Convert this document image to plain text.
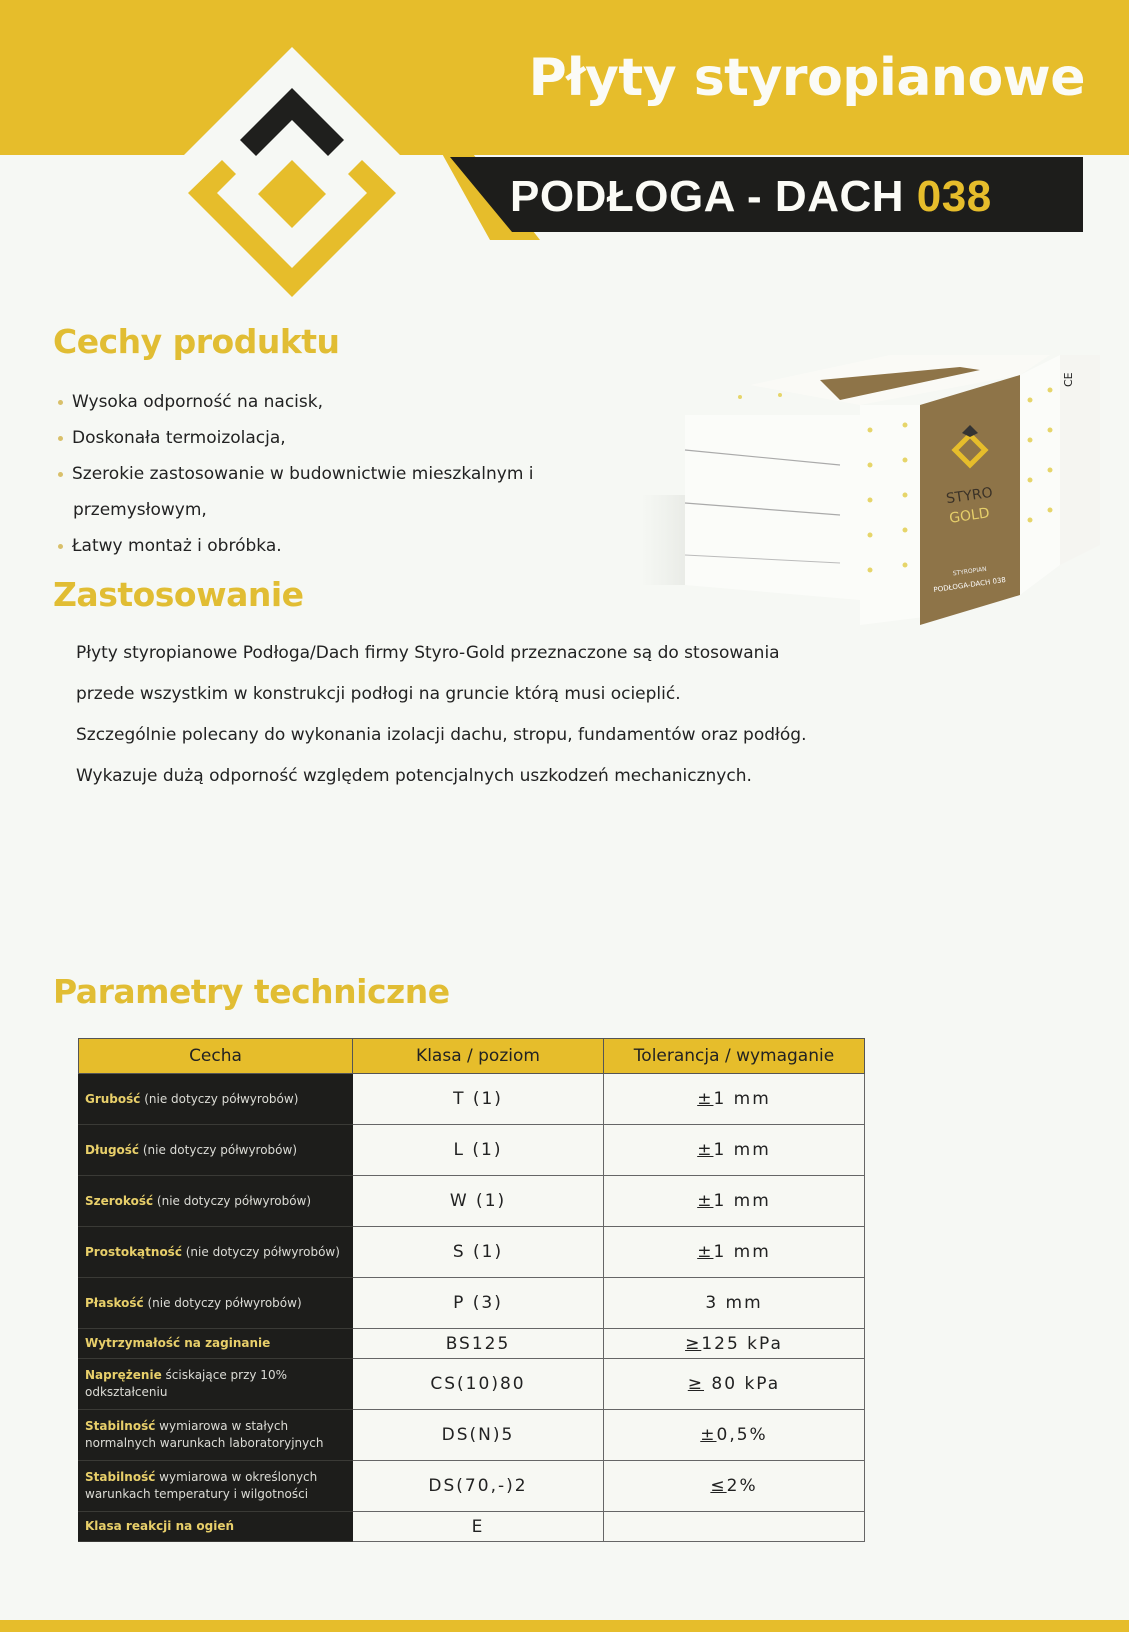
Płyty styropianowe
PODŁOGA - DACH 038
Cechy produktu
Wysoka odporność na nacisk,
Doskonała termoizolacja,
Szerokie zastosowanie w budownictwie mieszkalnym i
przemysłowym,
Łatwy montaż i obróbka.
STYRO
GOLD
STYROPIAN
PODŁOGA-DACH 038
CE
Zastosowanie

Płyty styropianowe Podłoga/Dach firmy Styro-Gold przeznaczone są do stosowania

przede wszystkim w konstrukcji podłogi na gruncie którą musi ocieplić.

Szczególnie polecany do wykonania izolacji dachu, stropu, fundamentów oraz podłóg.

Wykazuje dużą odporność względem potencjalnych uszkodzeń mechanicznych.

Parametry techniczne
Cecha	Klasa / poziom	Tolerancja / wymaganie
Grubość (nie dotyczy półwyrobów)	T (1)	±1 mm
Długość (nie dotyczy półwyrobów)	L (1)	±1 mm
Szerokość (nie dotyczy półwyrobów)	W (1)	±1 mm
Prostokątność (nie dotyczy półwyrobów)	S (1)	±1 mm
Płaskość (nie dotyczy półwyrobów)	P (3)	3 mm
Wytrzymałość na zaginanie	BS125	≥125 kPa
Naprężenie ściskające przy 10% odkształceniu	CS(10)80	≥ 80 kPa
Stabilność wymiarowa w stałych normalnych warunkach laboratoryjnych	DS(N)5	±0,5%
Stabilność wymiarowa w określonych warunkach temperatury i wilgotności	DS(70,-)2	≤2%
Klasa reakcji na ogień	E	
